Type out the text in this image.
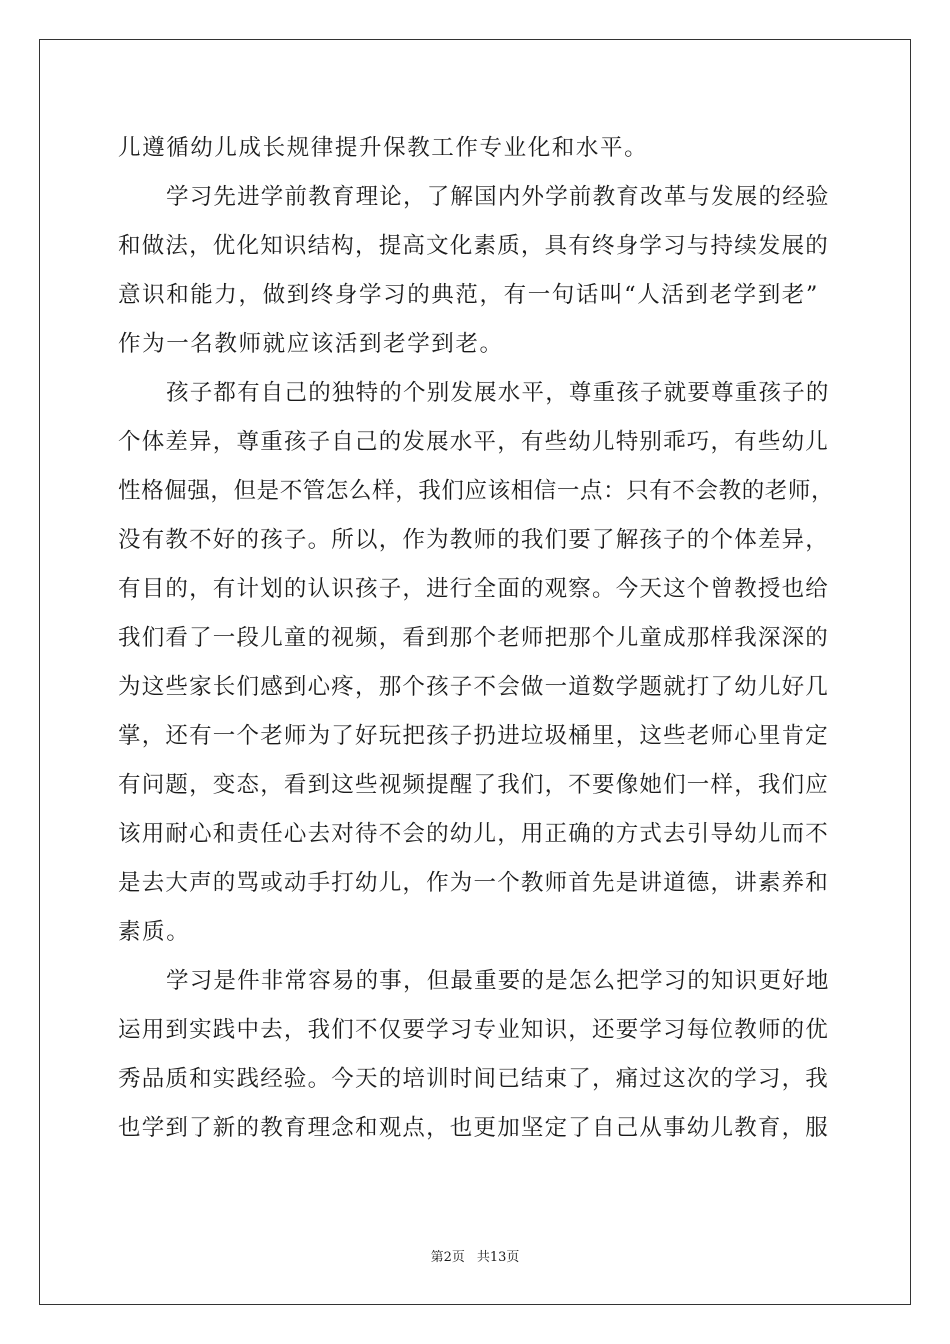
儿遵循幼儿成长规律提升保教工作专业化和水平。
学习先进学前教育理论，了解国内外学前教育改革与发展的经验
和做法，优化知识结构，提高文化素质，具有终身学习与持续发展的
意识和能力，做到终身学习的典范，有一句话叫“人活到老学到老”
作为一名教师就应该活到老学到老。
孩子都有自己的独特的个别发展水平，尊重孩子就要尊重孩子的
个体差异，尊重孩子自己的发展水平，有些幼儿特别乖巧，有些幼儿
性格倔强，但是不管怎么样，我们应该相信一点：只有不会教的老师，
没有教不好的孩子。所以，作为教师的我们要了解孩子的个体差异，
有目的，有计划的认识孩子，进行全面的观察。今天这个曾教授也给
我们看了一段儿童的视频，看到那个老师把那个儿童成那样我深深的
为这些家长们感到心疼，那个孩子不会做一道数学题就打了幼儿好几
掌，还有一个老师为了好玩把孩子扔进垃圾桶里，这些老师心里肯定
有问题，变态，看到这些视频提醒了我们，不要像她们一样，我们应
该用耐心和责任心去对待不会的幼儿，用正确的方式去引导幼儿而不
是去大声的骂或动手打幼儿，作为一个教师首先是讲道德，讲素养和
素质。
学习是件非常容易的事，但最重要的是怎么把学习的知识更好地
运用到实践中去，我们不仅要学习专业知识，还要学习每位教师的优
秀品质和实践经验。今天的培训时间已结束了，痛过这次的学习，我
也学到了新的教育理念和观点，也更加坚定了自己从事幼儿教育，服
第2页 共13页
